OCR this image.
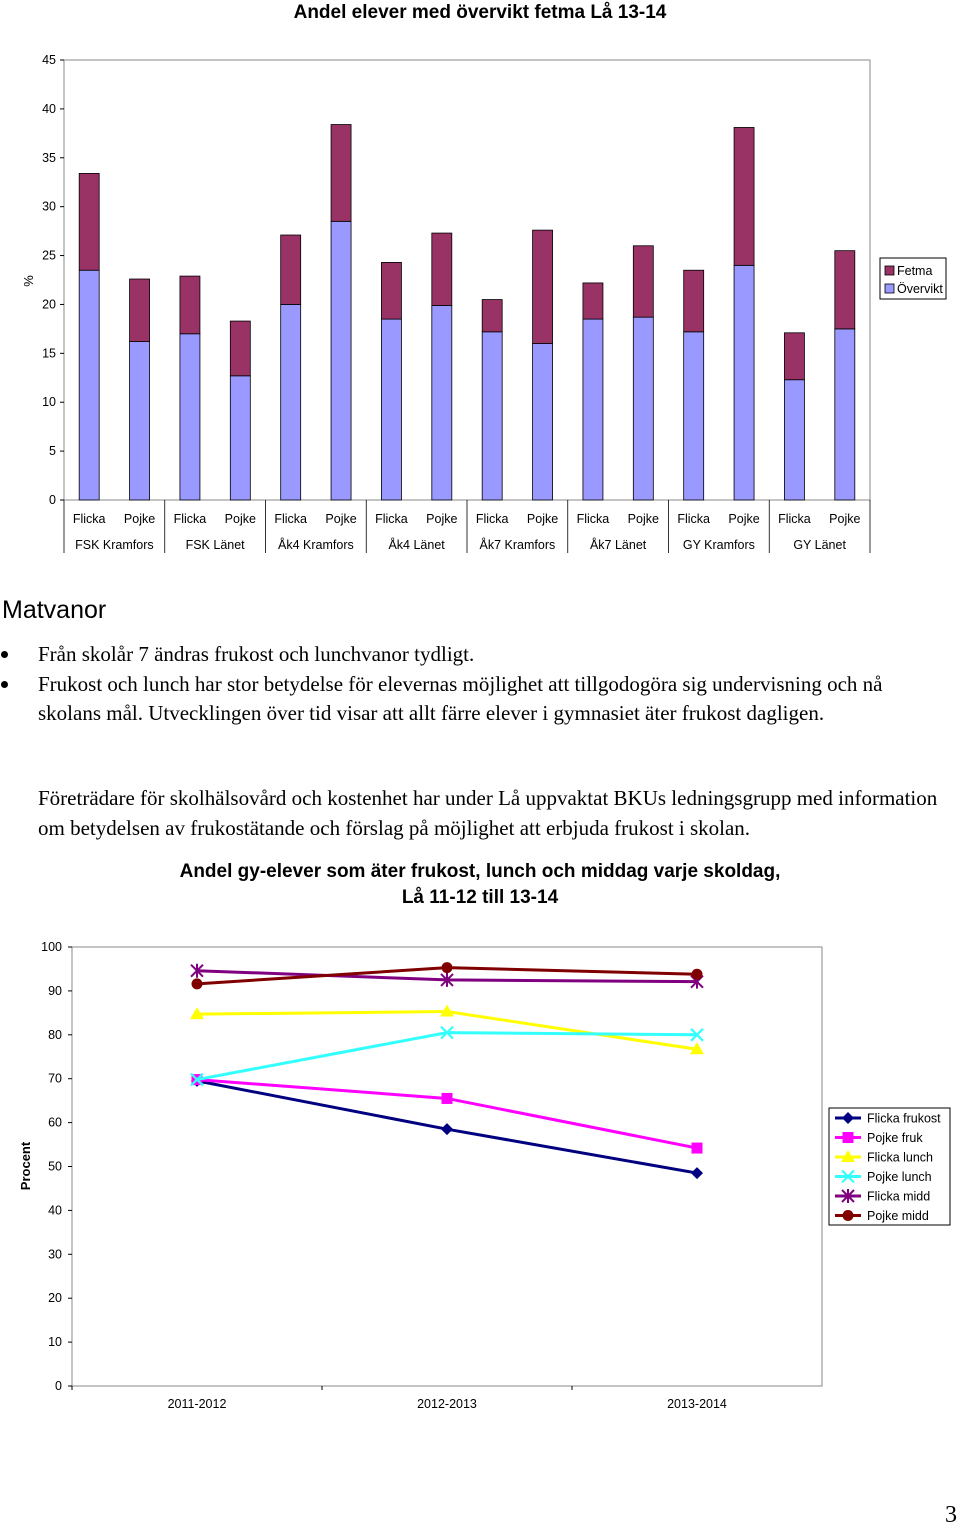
Andel elever med övervikt fetma Lå 13-14
%
0
5
10
15
20
25
30
35
40
45
Flicka Pojke Flicka Pojke Flicka Pojke Flicka Pojke Flicka Pojke Flicka Pojke Flicka Pojke Flicka Pojke
FSK Kramfors	FSK Länet	Åk4 Kramfors	Åk4 Länet	Åk7 Kramfors	Åk7 Länet	GY Kramfors	GY Länet
Fetma
Övervikt
Matvanor
Från skolår 7 ändras frukost och lunchvanor tydligt.
Frukost och lunch har stor betydelse för elevernas möjlighet att tillgodogöra sig undervisning och nå skolans mål. Utvecklingen över tid visar att allt färre elever i gymnasiet äter frukost dagligen.

Företrädare för skolhälsovård och kostenhet har under Lå uppvaktat BKUs ledningsgrupp med information om betydelsen av frukostätande och förslag på möjlighet att erbjuda frukost i skolan.

Andel gy-elever som äter frukost, lunch och middag varje skoldag,
Lå 11-12 till 13-14
Procent
0
10
20
30
40
50
60
70
80
90
100
2011-2012	2012-2013	2013-2014
Flicka frukost
Pojke fruk
Flicka lunch
Pojke lunch
Flicka midd
Pojke midd
3
